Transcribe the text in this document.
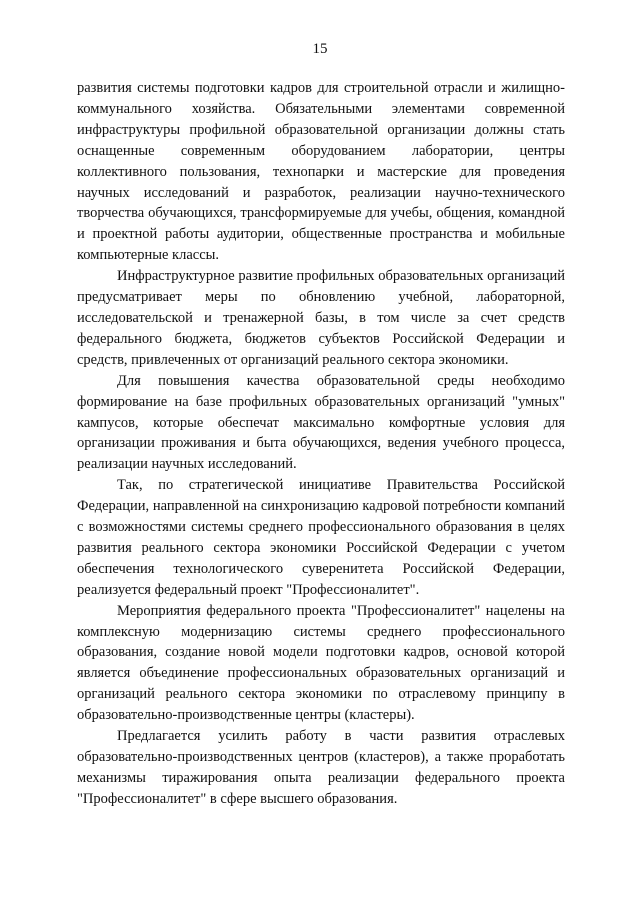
15

развития системы подготовки кадров для строительной отрасли и жилищно-коммунального хозяйства. Обязательными элементами современной инфраструктуры профильной образовательной организации должны стать оснащенные современным оборудованием лаборатории, центры коллективного пользования, технопарки и мастерские для проведения научных исследований и разработок, реализации научно-технического творчества обучающихся, трансформируемые для учебы, общения, командной и проектной работы аудитории, общественные пространства и мобильные компьютерные классы.

Инфраструктурное развитие профильных образовательных организаций предусматривает меры по обновлению учебной, лабораторной, исследовательской и тренажерной базы, в том числе за счет средств федерального бюджета, бюджетов субъектов Российской Федерации и средств, привлеченных от организаций реального сектора экономики.

Для повышения качества образовательной среды необходимо формирование на базе профильных образовательных организаций "умных" кампусов, которые обеспечат максимально комфортные условия для организации проживания и быта обучающихся, ведения учебного процесса, реализации научных исследований.

Так, по стратегической инициативе Правительства Российской Федерации, направленной на синхронизацию кадровой потребности компаний с возможностями системы среднего профессионального образования в целях развития реального сектора экономики Российской Федерации с учетом обеспечения технологического суверенитета Российской Федерации, реализуется федеральный проект "Профессионалитет".

Мероприятия федерального проекта "Профессионалитет" нацелены на комплексную модернизацию системы среднего профессионального образования, создание новой модели подготовки кадров, основой которой является объединение профессиональных образовательных организаций и организаций реального сектора экономики по отраслевому принципу в образовательно-производственные центры (кластеры).

Предлагается усилить работу в части развития отраслевых образовательно-производственных центров (кластеров), а также проработать механизмы тиражирования опыта реализации федерального проекта "Профессионалитет" в сфере высшего образования.
